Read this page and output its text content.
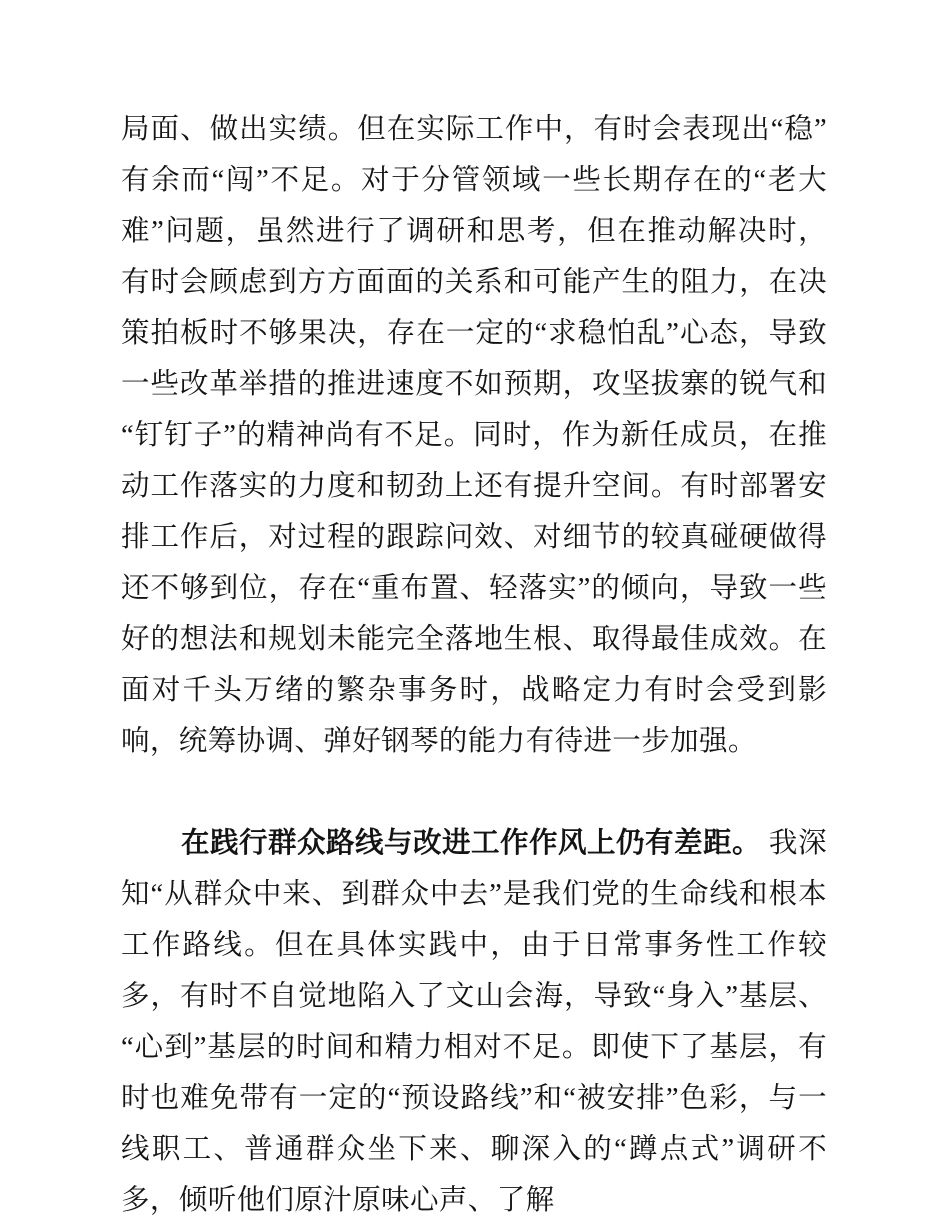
局面、做出实绩。但在实际工作中，有时会表现出“稳”有余而“闯”不足。对于分管领域一些长期存在的“老大难”问题，虽然进行了调研和思考，但在推动解决时，有时会顾虑到方方面面的关系和可能产生的阻力，在决策拍板时不够果决，存在一定的“求稳怕乱”心态，导致一些改革举措的推进速度不如预期，攻坚拔寨的锐气和“钉钉子”的精神尚有不足。同时，作为新任成员，在推动工作落实的力度和韧劲上还有提升空间。有时部署安排工作后，对过程的跟踪问效、对细节的较真碰硬做得还不够到位，存在“重布置、轻落实”的倾向，导致一些好的想法和规划未能完全落地生根、取得最佳成效。在面对千头万绪的繁杂事务时，战略定力有时会受到影响，统筹协调、弹好钢琴的能力有待进一步加强。

在践行群众路线与改进工作作风上仍有差距。 我深知“从群众中来、到群众中去”是我们党的生命线和根本工作路线。但在具体实践中，由于日常事务性工作较多，有时不自觉地陷入了文山会海，导致“身入”基层、“心到”基层的时间和精力相对不足。即使下了基层，有时也难免带有一定的“预设路线”和“被安排”色彩，与一线职工、普通群众坐下来、聊深入的“蹲点式”调研不多，倾听他们原汁原味心声、了解
